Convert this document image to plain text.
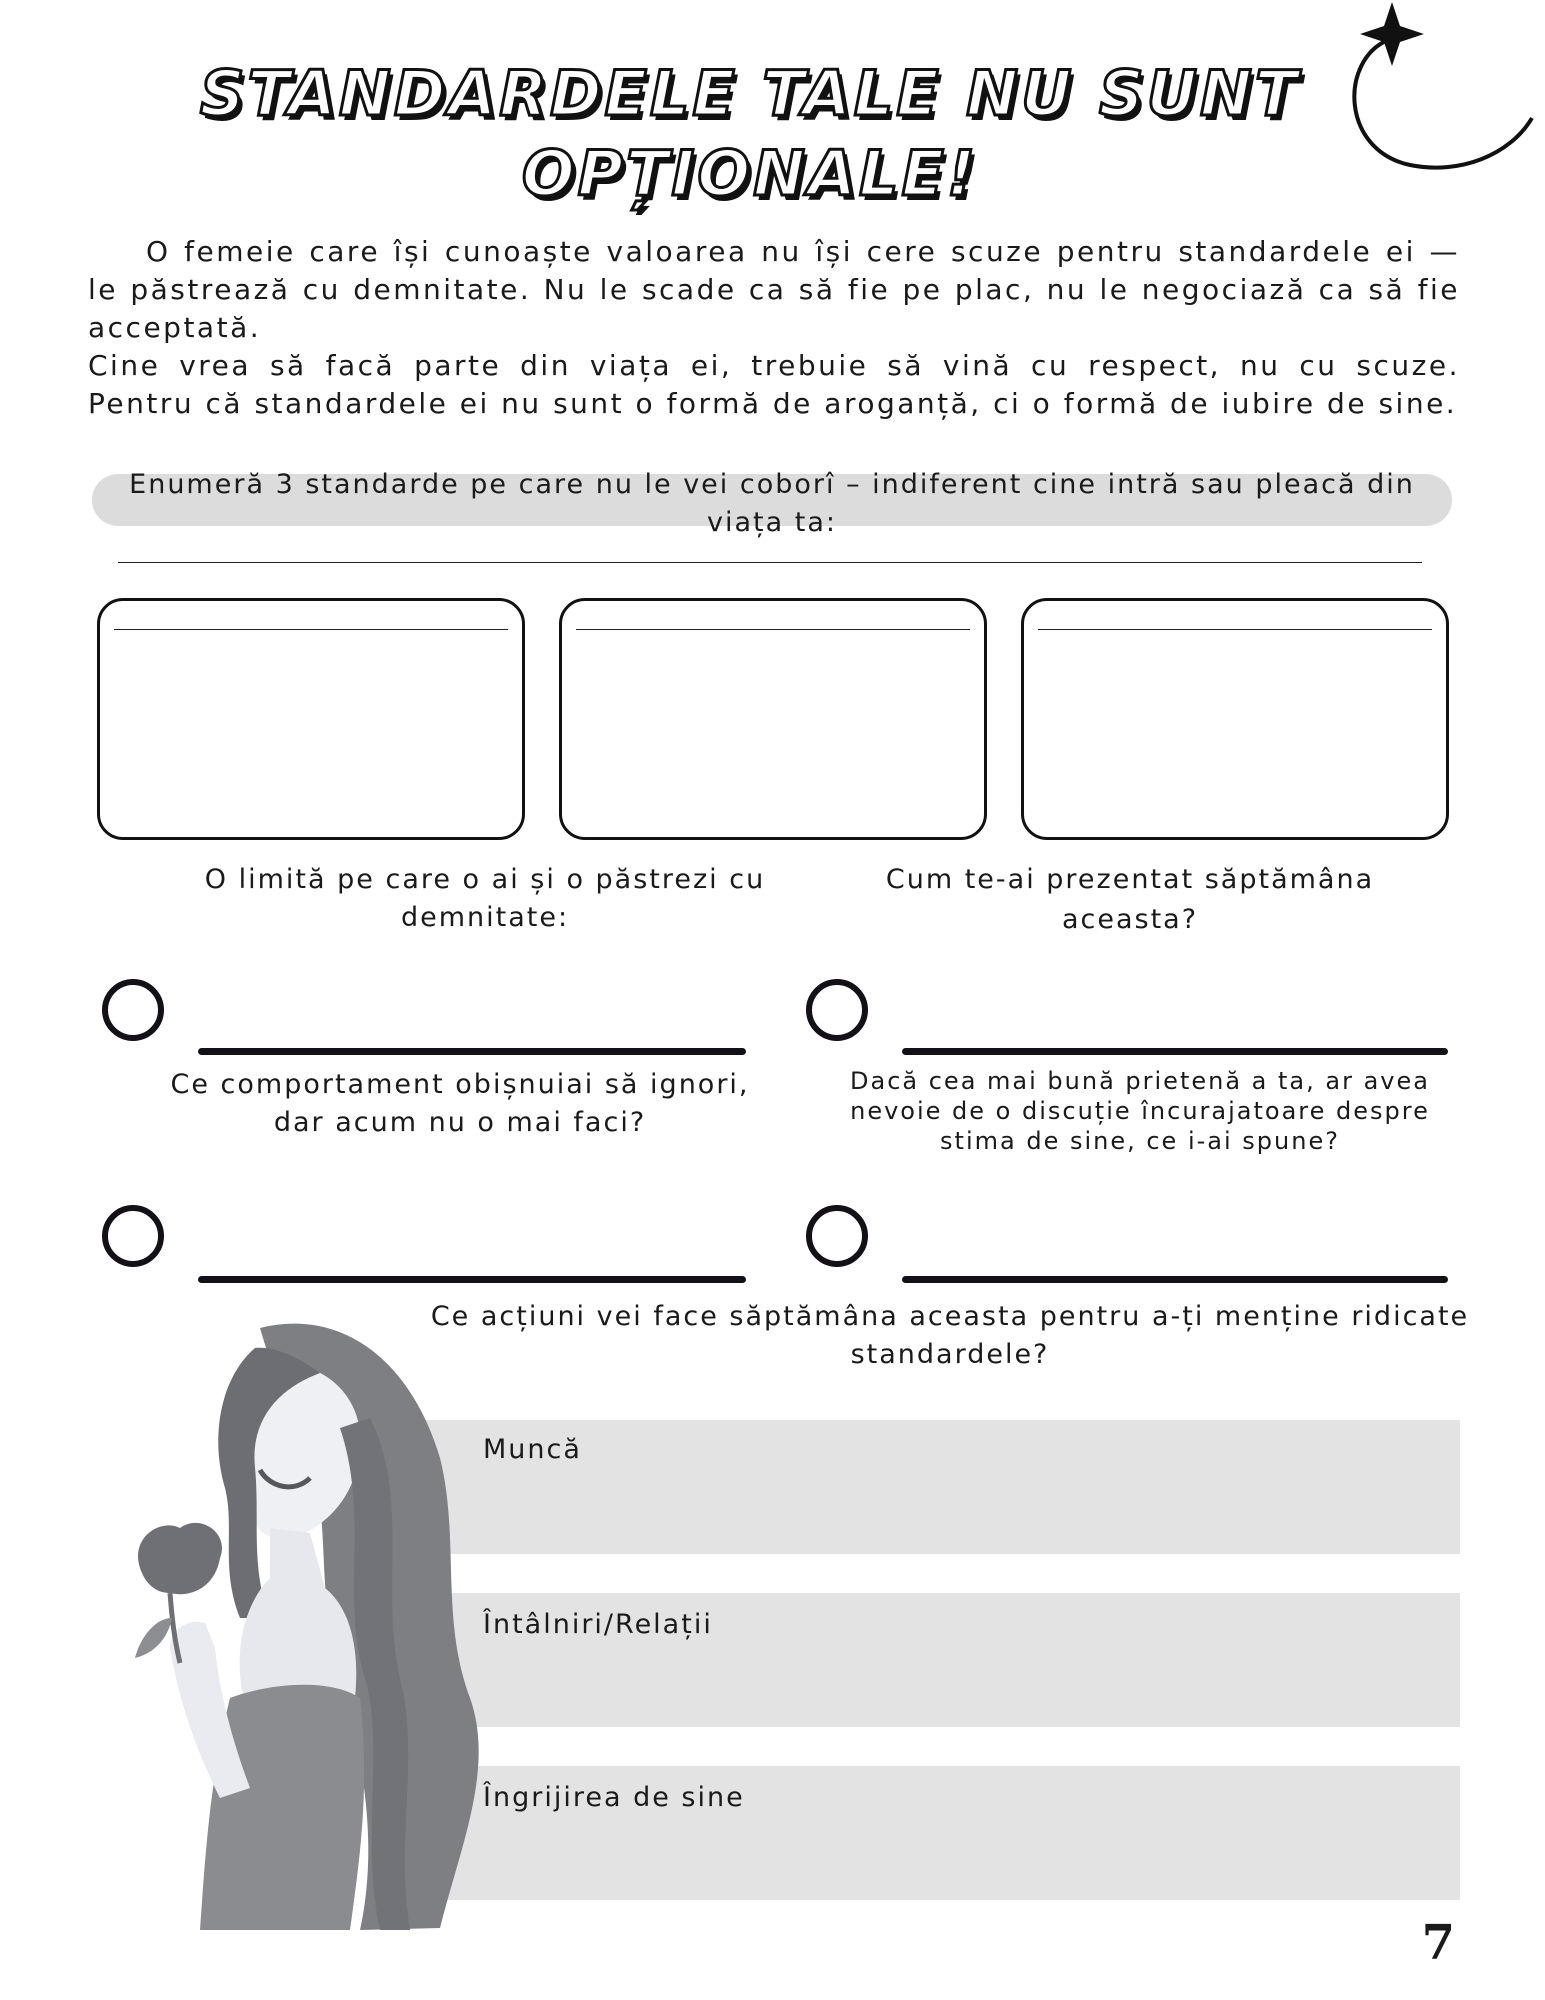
STANDARDELE TALE NU SUNT
OPȚIONALE!

O femeie care își cunoaște valoarea nu își cere scuze pentru standardele ei — le păstrează cu demnitate. Nu le scade ca să fie pe plac, nu le negociază ca să fie acceptată.

Cine vrea să facă parte din viața ei, trebuie să vină cu respect, nu cu scuze. Pentru că standardele ei nu sunt o formă de aroganță, ci o formă de iubire de sine.

Enumeră 3 standarde pe care nu le vei coborî – indiferent cine intră sau pleacă din viața ta:
O limită pe care o ai și o păstrezi cu demnitate:
Cum te-ai prezentat săptămâna aceasta?
Ce comportament obișnuiai să ignori, dar acum nu o mai faci?
Dacă cea mai bună prietenă a ta, ar avea nevoie de o discuție încurajatoare despre stima de sine, ce i-ai spune?
Ce acțiuni vei face săptămâna aceasta pentru a-ți menține ridicate standardele?
Muncă
Întâlniri/Relații
Îngrijirea de sine
7
